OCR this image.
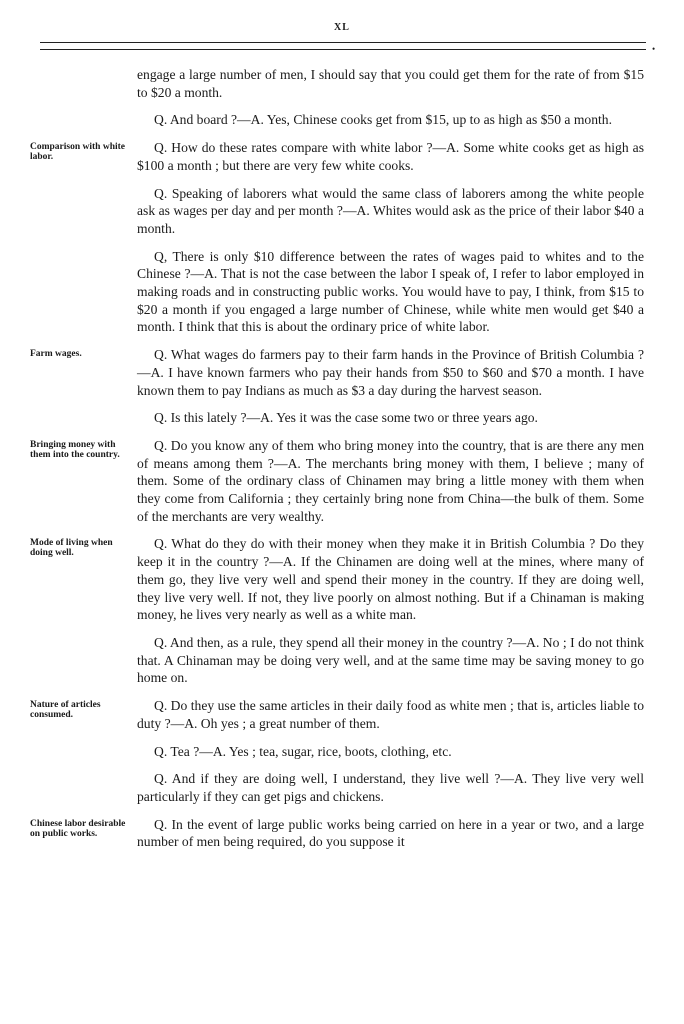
XL
•

engage a large number of men, I should say that you could get them for the rate of from $15 to $20 a month.

Q. And board ?—A. Yes, Chinese cooks get from $15, up to as high as $50 a month.

Comparison with white labor.

Q. How do these rates compare with white labor ?—A. Some white cooks get as high as $100 a month ; but there are very few white cooks.

Q. Speaking of laborers what would the same class of laborers among the white people ask as wages per day and per month ?—A. Whites would ask as the price of their labor $40 a month.

Q, There is only $10 difference between the rates of wages paid to whites and to the Chinese ?—A. That is not the case between the labor I speak of, I refer to labor employed in making roads and in constructing public works. You would have to pay, I think, from $15 to $20 a month if you engaged a large number of Chinese, while white men would get $40 a month. I think that this is about the ordinary price of white labor.

Farm wages.	Q. What wages do farmers pay to their farm hands in the Province of British Columbia ?—A. I have known farmers who pay their hands from $50 to $60 and $70 a month. I have known them to pay Indians as much as $3 a day during the harvest season.

Q. Is this lately ?—A. Yes it was the case some two or three years ago.

Bringing money with them into the country.

Q. Do you know any of them who bring money into the country, that is are there any men of means among them ?—A. The merchants bring money with them, I believe ; many of them. Some of the ordinary class of Chinamen may bring a little money with them when they come from California ; they certainly bring none from China—the bulk of them. Some of the merchants are very wealthy.

Mode of living when doing well.

Q. What do they do with their money when they make it in British Columbia ? Do they keep it in the country ?—A. If the Chinamen are doing well at the mines, where many of them go, they live very well and spend their money in the country. If they are doing well, they live very well. If not, they live poorly on almost nothing. But if a Chinaman is making money, he lives very nearly as well as a white man.

Q. And then, as a rule, they spend all their money in the country ?—A. No ; I do not think that. A Chinaman may be doing very well, and at the same time may be saving money to go home on.

Nature of articles consumed.

Q. Do they use the same articles in their daily food as white men ; that is, articles liable to duty ?—A. Oh yes ; a great number of them.

Q. Tea ?—A. Yes ; tea, sugar, rice, boots, clothing, etc.

Q. And if they are doing well, I understand, they live well ?—A. They live very well particularly if they can get pigs and chickens.

Chinese labor desirable on public works.

Q. In the event of large public works being carried on here in a year or two, and a large number of men being required, do you suppose it
